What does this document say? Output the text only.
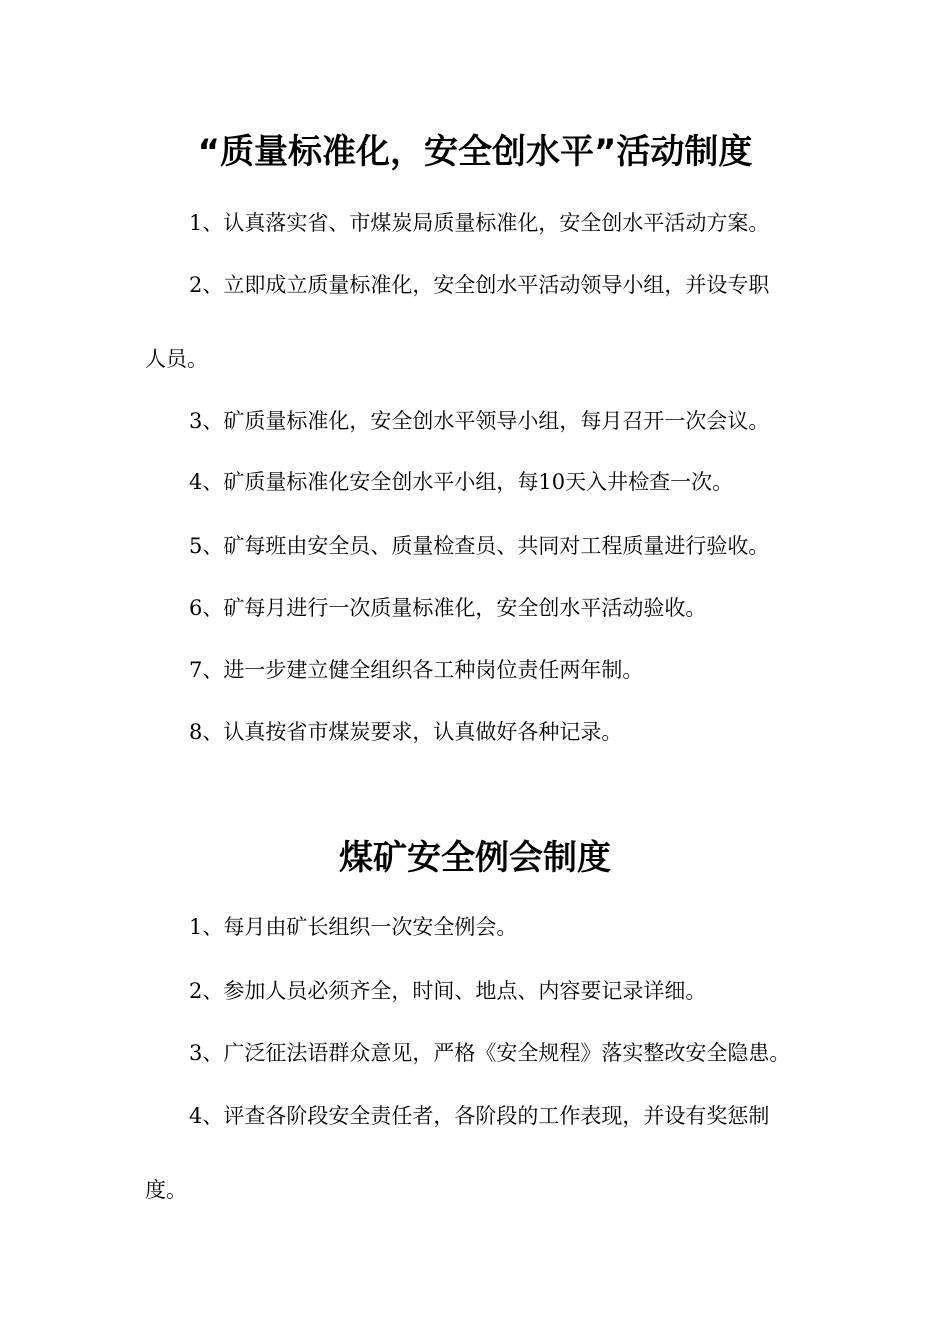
“质量标准化，安全创水平”活动制度
1、认真落实省、市煤炭局质量标准化，安全创水平活动方案。
2、立即成立质量标准化，安全创水平活动领导小组，并设专职
人员。
3、矿质量标准化，安全创水平领导小组，每月召开一次会议。
4、矿质量标准化安全创水平小组，每10天入井检查一次。
5、矿每班由安全员、质量检查员、共同对工程质量进行验收。
6、矿每月进行一次质量标准化，安全创水平活动验收。
7、进一步建立健全组织各工种岗位责任两年制。
8、认真按省市煤炭要求，认真做好各种记录。
煤矿安全例会制度
1、每月由矿长组织一次安全例会。
2、参加人员必须齐全，时间、地点、内容要记录详细。
3、广泛征法语群众意见，严格《安全规程》落实整改安全隐患。
4、评查各阶段安全责任者，各阶段的工作表现，并设有奖惩制
度。
